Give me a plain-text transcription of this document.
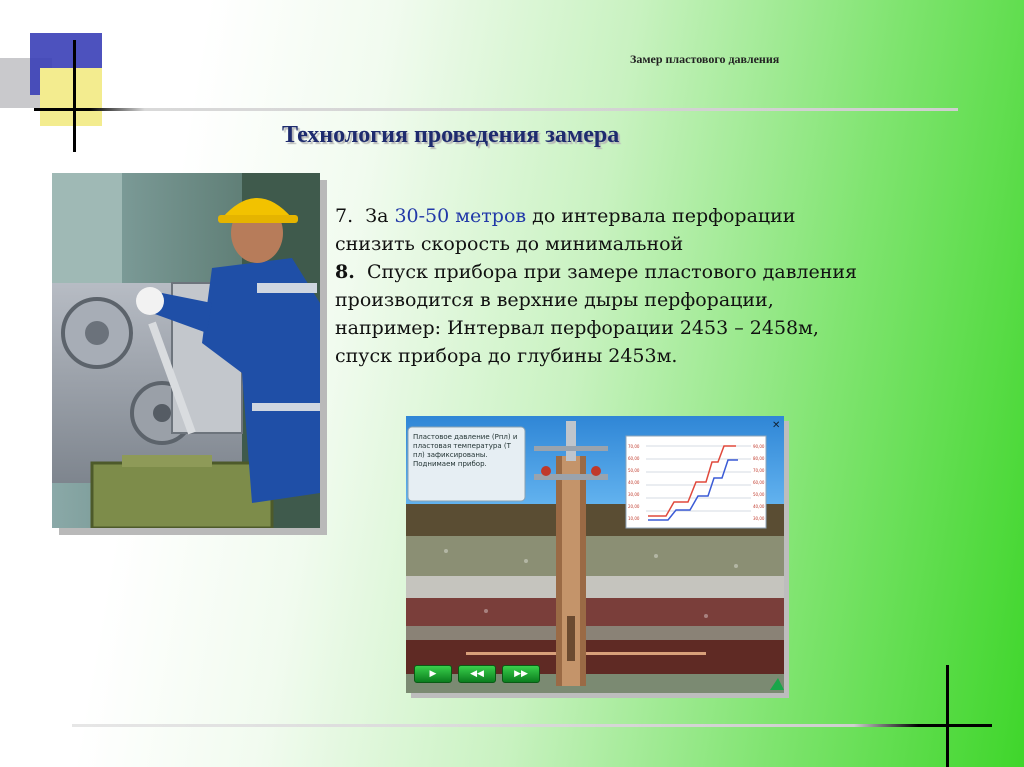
Замер пластового давления
Технология проведения замера
7. За 30-50 метров до интервала перфорации
снизить скорость до минимальной
8. Спуск прибора при замере пластового давления
производится в верхние дыры перфорации,
например: Интервал перфорации 2453 – 2458м,
спуск прибора до глубины 2453м.
✕
70,00
60,00
50,00
40,00
30,00
20,00
10,00
90,00
80,00
70,00
60,00
50,00
40,00
30,00
Пластовое давление (Рпл) и пластовая температура (Т пл) зафиксированы. Поднимаем прибор.
▶	◀◀	▶▶
